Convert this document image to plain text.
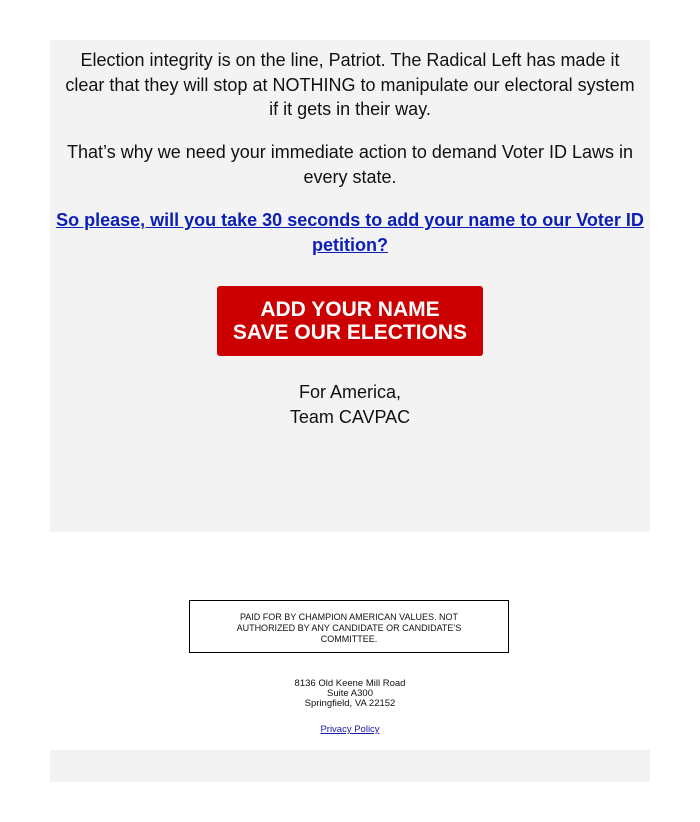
Election integrity is on the line, Patriot. The Radical Left has made it clear that they will stop at NOTHING to manipulate our electoral system if it gets in their way.

That’s why we need your immediate action to demand Voter ID Laws in every state.

So please, will you take 30 seconds to add your name to our Voter ID petition?
ADD YOUR NAME
SAVE OUR ELECTIONS
For America,
Team CAVPAC
PAID FOR BY CHAMPION AMERICAN VALUES. NOT AUTHORIZED BY ANY CANDIDATE OR CANDIDATE’S COMMITTEE.
8136 Old Keene Mill Road
Suite A300
Springfield, VA 22152
Privacy Policy
